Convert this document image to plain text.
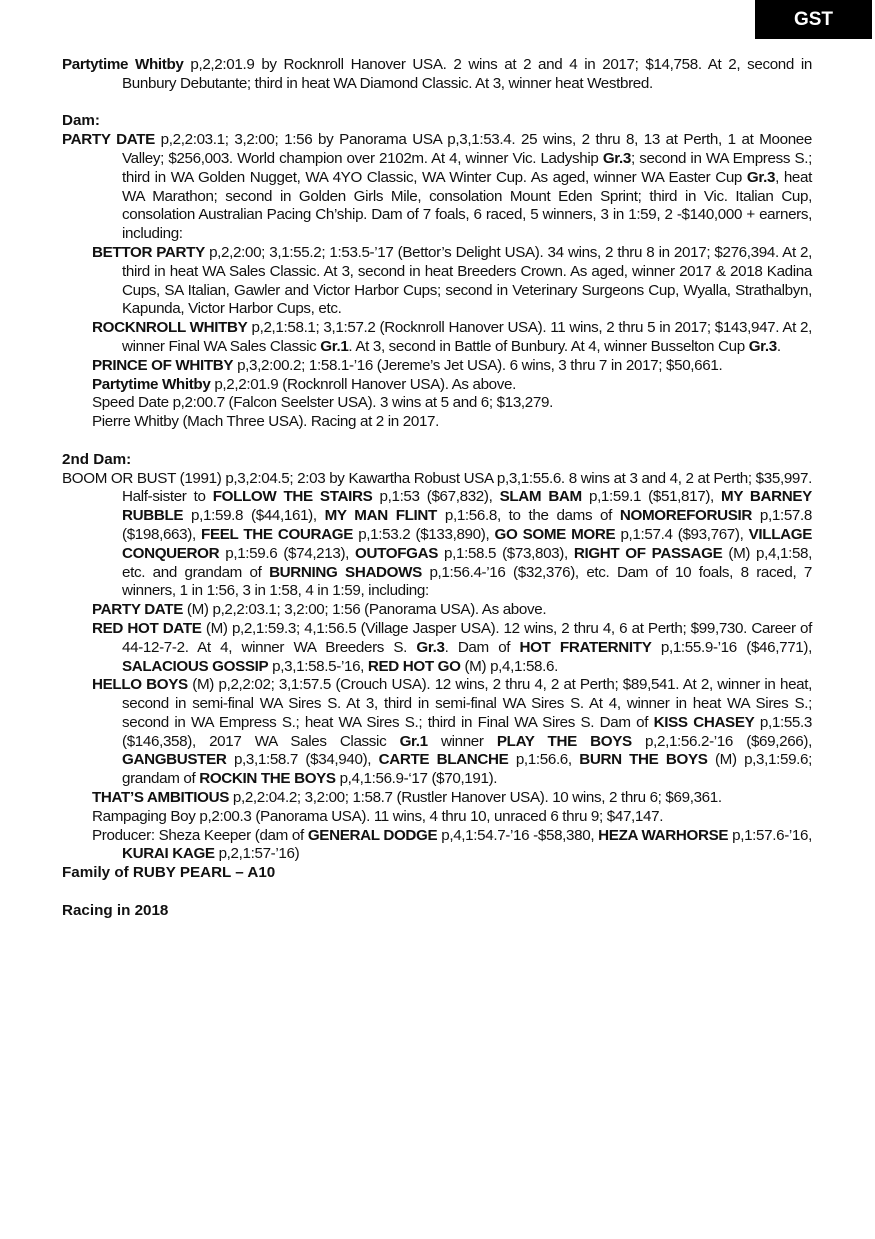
GST

Partytime Whitby p,2,2:01.9 by Rocknroll Hanover USA. 2 wins at 2 and 4 in 2017; $14,758. At 2, second in Bunbury Debutante; third in heat WA Diamond Classic. At 3, winner heat Westbred.

Dam:

PARTY DATE p,2,2:03.1; 3,2:00; 1:56 by Panorama USA p,3,1:53.4. 25 wins, 2 thru 8, 13 at Perth, 1 at Moonee Valley; $256,003. World champion over 2102m. At 4, winner Vic. Ladyship Gr.3; second in WA Empress S.; third in WA Golden Nugget, WA 4YO Classic, WA Winter Cup. As aged, winner WA Easter Cup Gr.3, heat WA Marathon; second in Golden Girls Mile, consolation Mount Eden Sprint; third in Vic. Italian Cup, consolation Australian Pacing Ch’ship. Dam of 7 foals, 6 raced, 5 winners, 3 in 1:59, 2 -$140,000 + earners, including:

BETTOR PARTY p,2,2:00; 3,1:55.2; 1:53.5-’17 (Bettor’s Delight USA). 34 wins, 2 thru 8 in 2017; $276,394. At 2, third in heat WA Sales Classic. At 3, second in heat Breeders Crown. As aged, winner 2017 & 2018 Kadina Cups, SA Italian, Gawler and Victor Harbor Cups; second in Veterinary Surgeons Cup, Wyalla, Strathalbyn, Kapunda, Victor Harbor Cups, etc.

ROCKNROLL WHITBY p,2,1:58.1; 3,1:57.2 (Rocknroll Hanover USA). 11 wins, 2 thru 5 in 2017; $143,947. At 2, winner Final WA Sales Classic Gr.1. At 3, second in Battle of Bunbury. At 4, winner Busselton Cup Gr.3.

PRINCE OF WHITBY p,3,2:00.2; 1:58.1-’16 (Jereme’s Jet USA). 6 wins, 3 thru 7 in 2017; $50,661.

Partytime Whitby p,2,2:01.9 (Rocknroll Hanover USA). As above.

Speed Date p,2:00.7 (Falcon Seelster USA). 3 wins at 5 and 6; $13,279.

Pierre Whitby (Mach Three USA). Racing at 2 in 2017.

2nd Dam:

BOOM OR BUST (1991) p,3,2:04.5; 2:03 by Kawartha Robust USA p,3,1:55.6. 8 wins at 3 and 4, 2 at Perth; $35,997. Half-sister to FOLLOW THE STAIRS p,1:53 ($67,832), SLAM BAM p,1:59.1 ($51,817), MY BARNEY RUBBLE p,1:59.8 ($44,161), MY MAN FLINT p,1:56.8, to the dams of NOMOREFORUSIR p,1:57.8 ($198,663), FEEL THE COURAGE p,1:53.2 ($133,890), GO SOME MORE p,1:57.4 ($93,767), VILLAGE CONQUEROR p,1:59.6 ($74,213), OUTOFGAS p,1:58.5 ($73,803), RIGHT OF PASSAGE (M) p,4,1:58, etc. and grandam of BURNING SHADOWS p,1:56.4-’16 ($32,376), etc. Dam of 10 foals, 8 raced, 7 winners, 1 in 1:56, 3 in 1:58, 4 in 1:59, including:

PARTY DATE (M) p,2,2:03.1; 3,2:00; 1:56 (Panorama USA). As above.

RED HOT DATE (M) p,2,1:59.3; 4,1:56.5 (Village Jasper USA). 12 wins, 2 thru 4, 6 at Perth; $99,730. Career of 44-12-7-2. At 4, winner WA Breeders S. Gr.3. Dam of HOT FRATERNITY p,1:55.9-’16 ($46,771), SALACIOUS GOSSIP p,3,1:58.5-’16, RED HOT GO (M) p,4,1:58.6.

HELLO BOYS (M) p,2,2:02; 3,1:57.5 (Crouch USA). 12 wins, 2 thru 4, 2 at Perth; $89,541. At 2, winner in heat, second in semi-final WA Sires S. At 3, third in semi-final WA Sires S. At 4, winner in heat WA Sires S.; second in WA Empress S.; heat WA Sires S.; third in Final WA Sires S. Dam of KISS CHASEY p,1:55.3 ($146,358), 2017 WA Sales Classic Gr.1 winner PLAY THE BOYS p,2,1:56.2-’16 ($69,266), GANGBUSTER p,3,1:58.7 ($34,940), CARTE BLANCHE p,1:56.6, BURN THE BOYS (M) p,3,1:59.6; grandam of ROCKIN THE BOYS p,4,1:56.9-‘17 ($70,191).

THAT’S AMBITIOUS p,2,2:04.2; 3,2:00; 1:58.7 (Rustler Hanover USA). 10 wins, 2 thru 6; $69,361.

Rampaging Boy p,2:00.3 (Panorama USA). 11 wins, 4 thru 10, unraced 6 thru 9; $47,147.

Producer: Sheza Keeper (dam of GENERAL DODGE p,4,1:54.7-’16 -$58,380, HEZA WARHORSE p,1:57.6-’16, KURAI KAGE p,2,1:57-’16)

Family of RUBY PEARL – A10

Racing in 2018
